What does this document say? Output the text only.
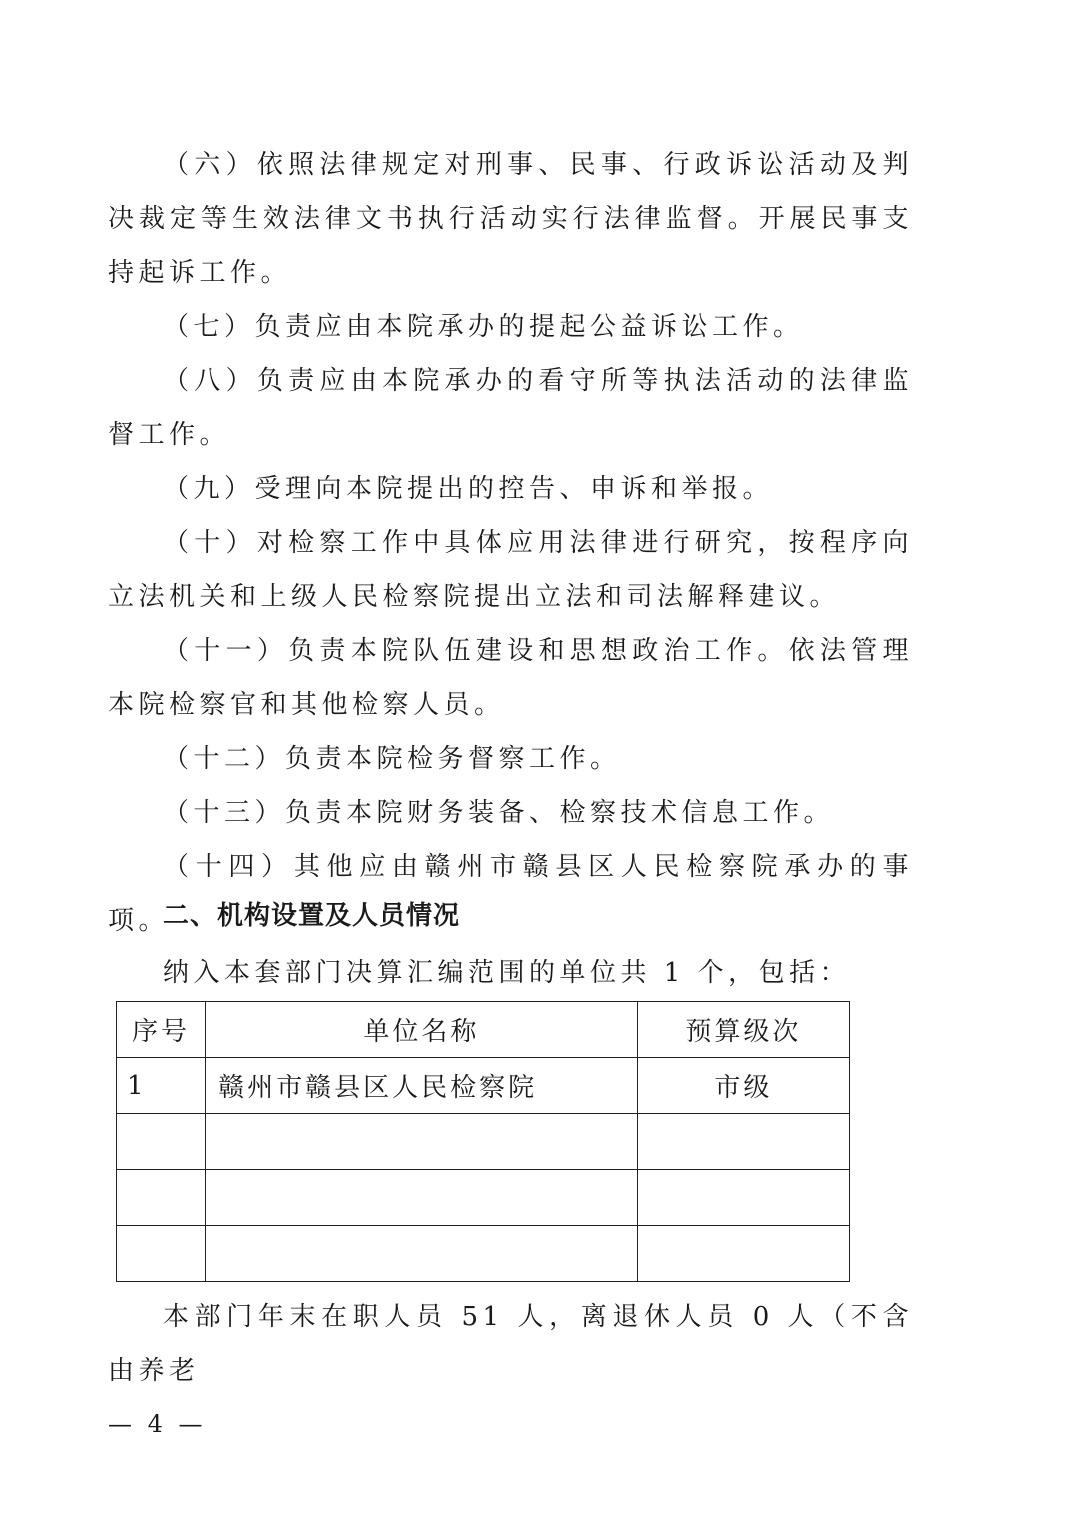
（六）依照法律规定对刑事、民事、行政诉讼活动及判决裁定等生效法律文书执行活动实行法律监督。开展民事支持起诉工作。

（七）负责应由本院承办的提起公益诉讼工作。

（八）负责应由本院承办的看守所等执法活动的法律监督工作。

（九）受理向本院提出的控告、申诉和举报。

（十）对检察工作中具体应用法律进行研究，按程序向立法机关和上级人民检察院提出立法和司法解释建议。

（十一）负责本院队伍建设和思想政治工作。依法管理本院检察官和其他检察人员。

（十二）负责本院检务督察工作。

（十三）负责本院财务装备、检察技术信息工作。

（十四）其他应由赣州市赣县区人民检察院承办的事项。

二、机构设置及人员情况

纳入本套部门决算汇编范围的单位共 1 个，包括：

序号	单位名称	预算级次
1	赣州市赣县区人民检察院	市级

本部门年末在职人员 51 人，离退休人员 0 人（不含由养老

— 4 —
